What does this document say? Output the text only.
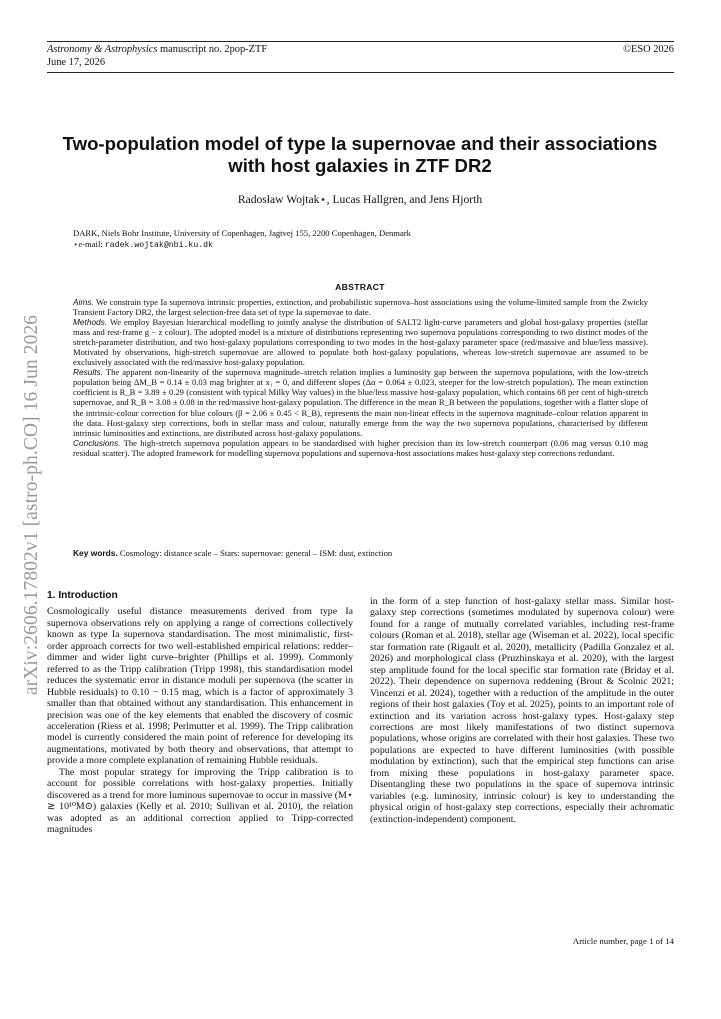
Astronomy & Astrophysics manuscript no. 2pop-ZTF
June 17, 2026
©ESO 2026
arXiv:2606.17802v1 [astro-ph.CO] 16 Jun 2026
Two-population model of type Ia supernovae and their associations
with host galaxies in ZTF DR2
Radosław Wojtak⋆, Lucas Hallgren, and Jens Hjorth
DARK, Niels Bohr Institute, University of Copenhagen, Jagtvej 155, 2200 Copenhagen, Denmark
⋆e-mail: radek.wojtak@nbi.ku.dk
ABSTRACT

Aims. We constrain type Ia supernova intrinsic properties, extinction, and probabilistic supernova–host associations using the volume-limited sample from the Zwicky Transient Factory DR2, the largest selection-free data set of type Ia supernovae to date.

Methods. We employ Bayesian hierarchical modelling to jointly analyse the distribution of SALT2 light-curve parameters and global host-galaxy properties (stellar mass and rest-frame g − z colour). The adopted model is a mixture of distributions representing two supernova populations corresponding to two distinct modes of the stretch-parameter distribution, and two host-galaxy populations corresponding to two modes in the host-galaxy parameter space (red/massive and blue/less massive). Motivated by observations, high-stretch supernovae are allowed to populate both host-galaxy populations, whereas low-stretch supernovae are assumed to be exclusively associated with the red/massive host-galaxy population.

Results. The apparent non-linearity of the supernova magnitude–stretch relation implies a luminosity gap between the supernova populations, with the low-stretch population being ΔM_B = 0.14 ± 0.03 mag brighter at x₁ = 0, and different slopes (Δα = 0.064 ± 0.023, steeper for the low-stretch population). The mean extinction coefficient is R_B = 3.89 ± 0.29 (consistent with typical Milky Way values) in the blue/less massive host-galaxy population, which contains 68 per cent of high-stretch supernovae, and R_B = 3.08 ± 0.08 in the red/massive host-galaxy population. The difference in the mean R_B between the populations, together with a flatter slope of the intrinsic-colour correction for blue colours (β = 2.06 ± 0.45 < R_B), represents the main non-linear effects in the supernova magnitude–colour relation apparent in the data. Host-galaxy step corrections, both in stellar mass and colour, naturally emerge from the way the two supernova populations, characterised by different intrinsic luminosities and extinctions, are distributed across host-galaxy populations.

Conclusions. The high-stretch supernova population appears to be standardised with higher precision than its low-stretch counterpart (0.06 mag versus 0.10 mag residual scatter). The adopted framework for modelling supernova populations and supernova-host associations makes host-galaxy step corrections redundant.

Key words. Cosmology: distance scale – Stars: supernovae: general – ISM: dust, extinction
1. Introduction

Cosmologically useful distance measurements derived from type Ia supernova observations rely on applying a range of corrections collectively known as type Ia supernova standardisation. The most minimalistic, first-order approach corrects for two well-established empirical relations: redder–dimmer and wider light curve–brighter (Phillips et al. 1999). Commonly referred to as the Tripp calibration (Tripp 1998), this standardisation model reduces the systematic error in distance moduli per supernova (the scatter in Hubble residuals) to 0.10 − 0.15 mag, which is a factor of approximately 3 smaller than that obtained without any standardisation. This enhancement in precision was one of the key elements that enabled the discovery of cosmic acceleration (Riess et al. 1998; Perlmutter et al. 1999). The Tripp calibration model is currently considered the main point of reference for developing its augmentations, motivated by both theory and observations, that attempt to provide a more complete explanation of remaining Hubble residuals.

The most popular strategy for improving the Tripp calibration is to account for possible correlations with host-galaxy properties. Initially discovered as a trend for more luminous supernovae to occur in massive (M⋆ ≳ 10¹⁰M⊙) galaxies (Kelly et al. 2010; Sullivan et al. 2010), the relation was adopted as an additional correction applied to Tripp-corrected magnitudes

in the form of a step function of host-galaxy stellar mass. Similar host-galaxy step corrections (sometimes modulated by supernova colour) were found for a range of mutually correlated variables, including rest-frame colours (Roman et al. 2018), stellar age (Wiseman et al. 2022), local specific star formation rate (Rigault et al. 2020), metallicity (Padilla Gonzalez et al. 2026) and morphological class (Pruzhinskaya et al. 2020), with the largest step amplitude found for the local specific star formation rate (Briday et al. 2022). Their dependence on supernova reddening (Brout & Scolnic 2021; Vincenzi et al. 2024), together with a reduction of the amplitude in the outer regions of their host galaxies (Toy et al. 2025), points to an important role of extinction and its variation across host-galaxy types. Host-galaxy step corrections are most likely manifestations of two distinct supernova populations, whose origins are correlated with their host galaxies. These two populations are expected to have different luminosities (with possible modulation by extinction), such that the empirical step functions can arise from mixing these populations in host-galaxy parameter space. Disentangling these two populations in the space of supernova intrinsic variables (e.g. luminosity, intrinsic colour) is key to understanding the physical origin of host-galaxy step corrections, especially their achromatic (extinction-independent) component.

Article number, page 1 of 14
